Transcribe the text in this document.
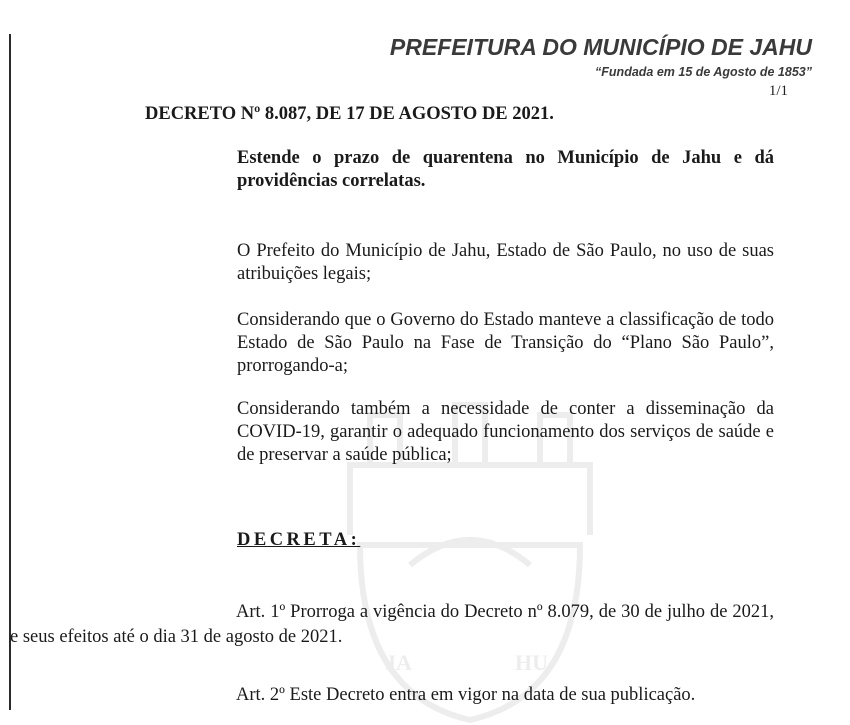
JA	HU
PREFEITURA DO MUNICÍPIO DE JAHU
“Fundada em 15 de Agosto de 1853”
1/1
DECRETO Nº 8.087, DE 17 DE AGOSTO DE 2021.
Estende o prazo de quarentena no Município de Jahu e dá providências correlatas.
O Prefeito do Município de Jahu, Estado de São Paulo, no uso de suas atribuições legais;
Considerando que o Governo do Estado manteve a classificação de todo Estado de São Paulo na Fase de Transição do “Plano São Paulo”, prorrogando-a;
Considerando também a necessidade de conter a disseminação da COVID-19, garantir o adequado funcionamento dos serviços de saúde e de preservar a saúde pública;
DECRETA:
Art. 1º Prorroga a vigência do Decreto nº 8.079, de 30 de julho de 2021, e seus efeitos até o dia 31 de agosto de 2021.
Art. 2º Este Decreto entra em vigor na data de sua publicação.
